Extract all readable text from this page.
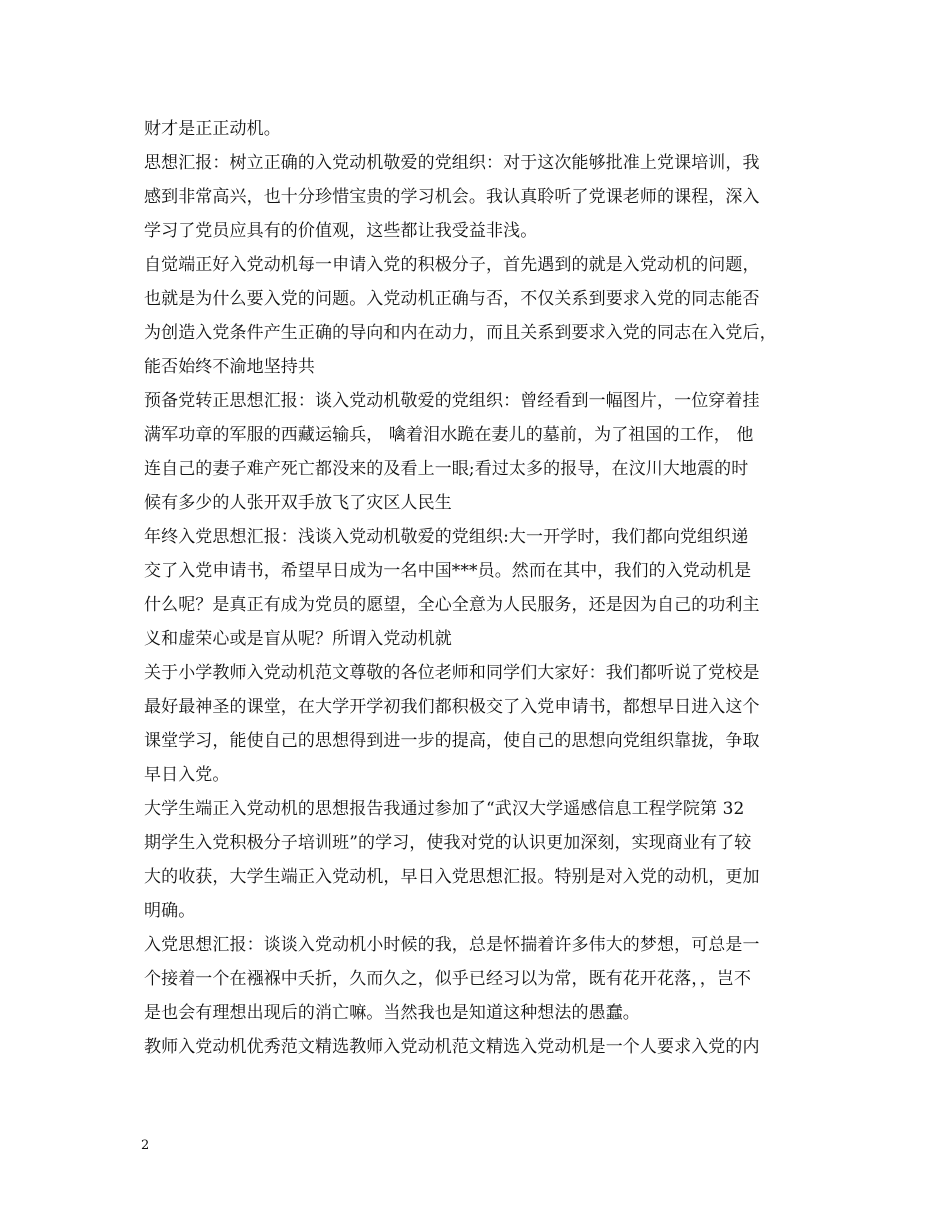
财才是正正动机。
思想汇报：树立正确的入党动机敬爱的党组织：对于这次能够批准上党课培训，我
感到非常高兴，也十分珍惜宝贵的学习机会。我认真聆听了党课老师的课程，深入
学习了党员应具有的价值观，这些都让我受益非浅。
自觉端正好入党动机每一申请入党的积极分子，首先遇到的就是入党动机的问题，
也就是为什么要入党的问题。入党动机正确与否，不仅关系到要求入党的同志能否
为创造入党条件产生正确的导向和内在动力，而且关系到要求入党的同志在入党后，
能否始终不渝地坚持共
预备党转正思想汇报：谈入党动机敬爱的党组织：曾经看到一幅图片，一位穿着挂
满军功章的军服的西藏运输兵， 噙着泪水跪在妻儿的墓前，为了祖国的工作， 他
连自己的妻子难产死亡都没来的及看上一眼;看过太多的报导，在汶川大地震的时
候有多少的人张开双手放飞了灾区人民生
年终入党思想汇报：浅谈入党动机敬爱的党组织:大一开学时，我们都向党组织递
交了入党申请书，希望早日成为一名中国***员。然而在其中，我们的入党动机是
什么呢？是真正有成为党员的愿望，全心全意为人民服务，还是因为自己的功利主
义和虚荣心或是盲从呢？所谓入党动机就
关于小学教师入党动机范文尊敬的各位老师和同学们大家好：我们都听说了党校是
最好最神圣的课堂，在大学开学初我们都积极交了入党申请书，都想早日进入这个
课堂学习，能使自己的思想得到进一步的提高，使自己的思想向党组织靠拢，争取
早日入党。
大学生端正入党动机的思想报告我通过参加了“武汉大学遥感信息工程学院第 32
期学生入党积极分子培训班”的学习，使我对党的认识更加深刻，实现商业有了较
大的收获，大学生端正入党动机，早日入党思想汇报。特别是对入党的动机，更加
明确。
入党思想汇报：谈谈入党动机小时候的我，总是怀揣着许多伟大的梦想，可总是一
个接着一个在襁褓中夭折，久而久之，似乎已经习以为常，既有花开花落，，岂不
是也会有理想出现后的消亡嘛。当然我也是知道这种想法的愚蠢。
教师入党动机优秀范文精选教师入党动机范文精选入党动机是一个人要求入党的内
2
